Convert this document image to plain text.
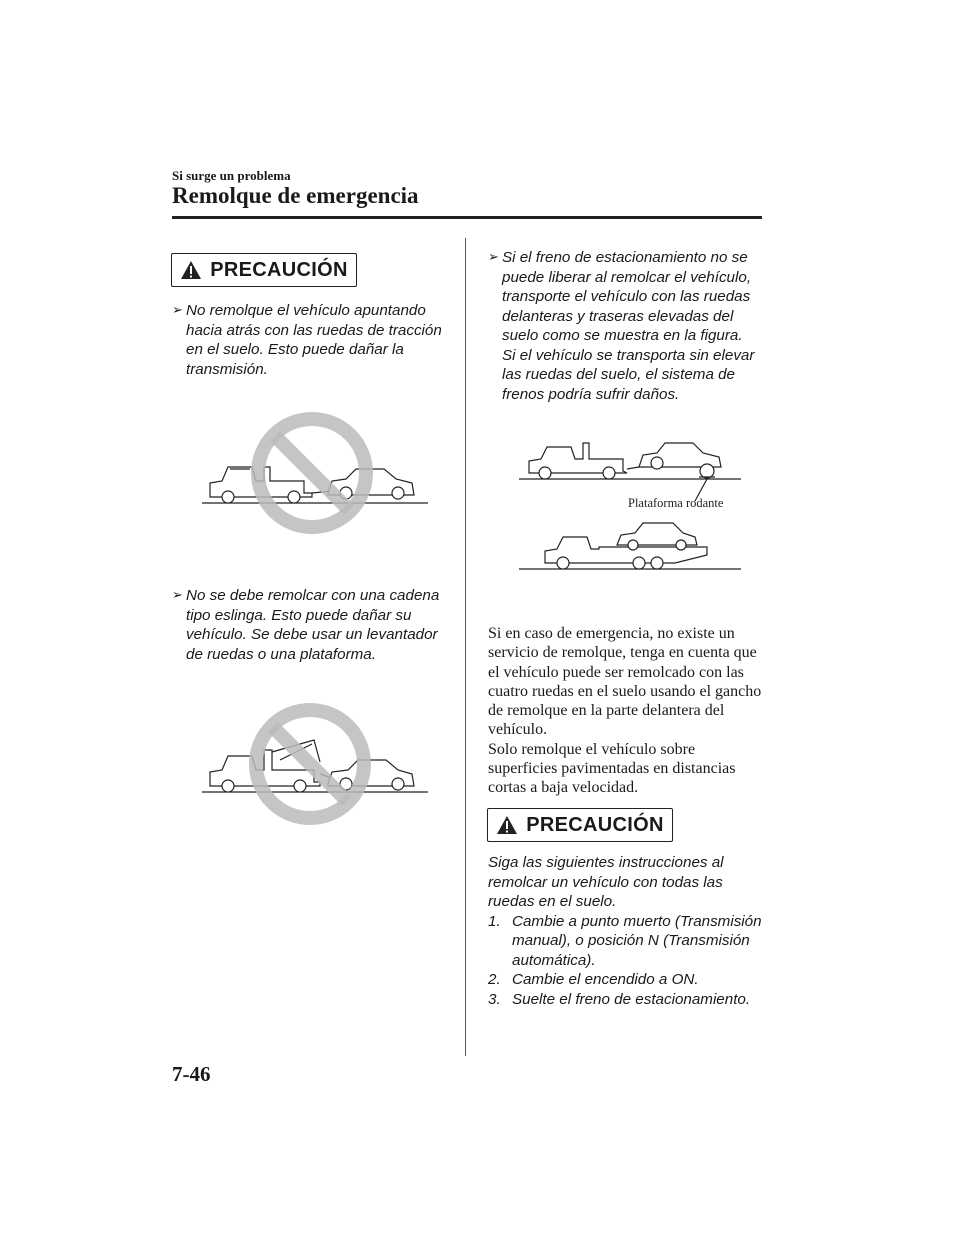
Si surge un problema
Remolque de emergencia
PRECAUCIÓN
➢ No remolque el vehículo apuntando hacia atrás con las ruedas de tracción en el suelo. Esto puede dañar la transmisión.
➢ No se debe remolcar con una cadena tipo eslinga. Esto puede dañar su vehículo. Se debe usar un levantador de ruedas o una plataforma.
➢ Si el freno de estacionamiento no se puede liberar al remolcar el vehículo, transporte el vehículo con las ruedas delanteras y traseras elevadas del suelo como se muestra en la figura. Si el vehículo se transporta sin elevar las ruedas del suelo, el sistema de frenos podría sufrir daños.
Plataforma rodante

Si en caso de emergencia, no existe un servicio de remolque, tenga en cuenta que el vehículo puede ser remolcado con las cuatro ruedas en el suelo usando el gancho de remolque en la parte delantera del vehículo.

Solo remolque el vehículo sobre superficies pavimentadas en distancias cortas a baja velocidad.

PRECAUCIÓN

Siga las siguientes instrucciones al remolcar un vehículo con todas las ruedas en el suelo.

1. Cambie a punto muerto (Transmisión manual), o posición N (Transmisión automática).
2. Cambie el encendido a ON.
3. Suelte el freno de estacionamiento.
7-46
